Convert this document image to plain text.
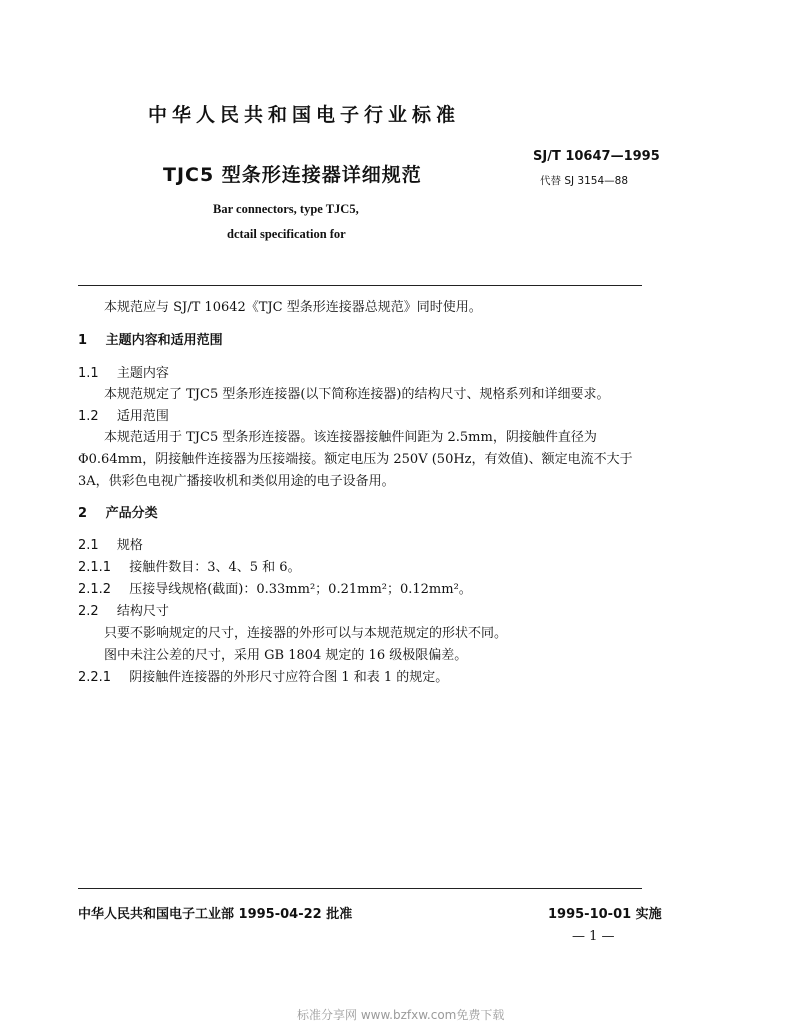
中华人民共和国电子行业标准
TJC5 型条形连接器详细规范
SJ/T 10647—1995
代替 SJ 3154—88
Bar connectors, type TJC5,
dctail specification for
本规范应与 SJ/T 10642《TJC 型条形连接器总规范》同时使用。
1 主题内容和适用范围
1.1 主题内容
本规范规定了 TJC5 型条形连接器(以下简称连接器)的结构尺寸、规格系列和详细要求。
1.2 适用范围
本规范适用于 TJC5 型条形连接器。该连接器接触件间距为 2.5mm，阴接触件直径为
Φ0.64mm，阴接触件连接器为压接端接。额定电压为 250V (50Hz，有效值)、额定电流不大于
3A，供彩色电视广播接收机和类似用途的电子设备用。
2 产品分类
2.1 规格
2.1.1 接触件数目：3、4、5 和 6。
2.1.2 压接导线规格(截面)：0.33mm²；0.21mm²；0.12mm²。
2.2 结构尺寸
只要不影响规定的尺寸，连接器的外形可以与本规范规定的形状不同。
图中未注公差的尺寸，采用 GB 1804 规定的 16 级极限偏差。
2.2.1 阴接触件连接器的外形尺寸应符合图 1 和表 1 的规定。
中华人民共和国电子工业部 1995-04-22 批准	1995-10-01 实施
— 1 —
标准分享网 www.bzfxw.com免费下载
